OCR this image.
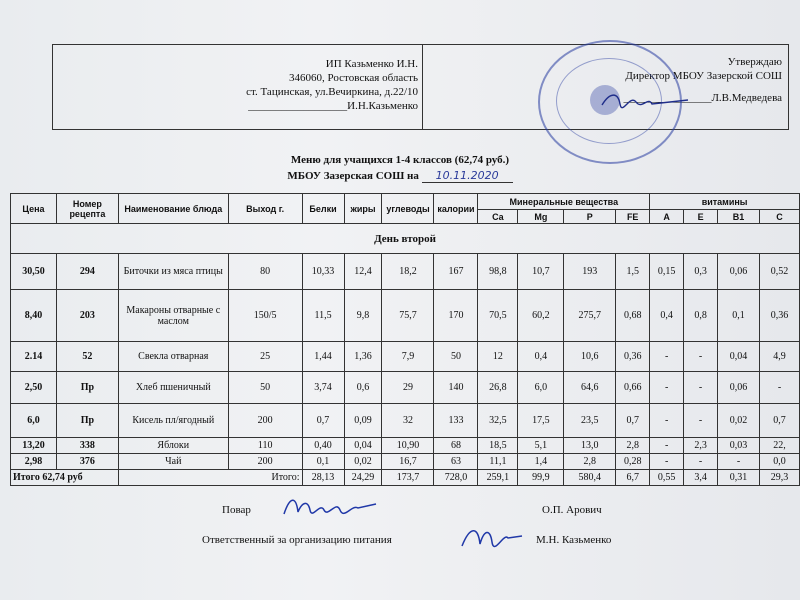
ИП Казьменко И.Н.
346060, Ростовская область
ст. Тацинская, ул.Вечиркина, д.22/10
__________________И.Н.Казьменко
Утверждаю
Директор МБОУ Зазерской СОШ
________________Л.В.Медведева
Меню для учащихся 1-4 классов (62,74 руб.)
МБОУ Зазерская СОШ на 10.11.2020
Цена	Номер рецепта	Наименование блюда	Выход г.	Белки	жиры	углеводы	калории	Минеральные вещества				витамины			
								Ca	Mg	P	FE	A	E	B1	C
День второй															
30,50	294	Биточки из мяса птицы	80	10,33	12,4	18,2	167	98,8	10,7	193	1,5	0,15	0,3	0,06	0,52
8,40	203	Макароны отварные с маслом	150/5	11,5	9,8	75,7	170	70,5	60,2	275,7	0,68	0,4	0,8	0,1	0,36
2.14	52	Свекла отварная	25	1,44	1,36	7,9	50	12	0,4	10,6	0,36	-	-	0,04	4,9
2,50	Пр	Хлеб пшеничный	50	3,74	0,6	29	140	26,8	6,0	64,6	0,66	-	-	0,06	-
6,0	Пр	Кисель пл/ягодный	200	0,7	0,09	32	133	32,5	17,5	23,5	0,7	-	-	0,02	0,7
13,20	338	Яблоки	110	0,40	0,04	10,90	68	18,5	5,1	13,0	2,8	-	2,3	0,03	22,
2,98	376	Чай	200	0,1	0,02	16,7	63	11,1	1,4	2,8	0,28	-	-	-	0,0
Итого 62,74 руб		Итого:		28,13	24,29	173,7	728,0	259,1	99,9	580,4	6,7	0,55	3,4	0,31	29,3
Повар	О.П. Арович
Ответственный за организацию питания	М.Н. Казьменко
